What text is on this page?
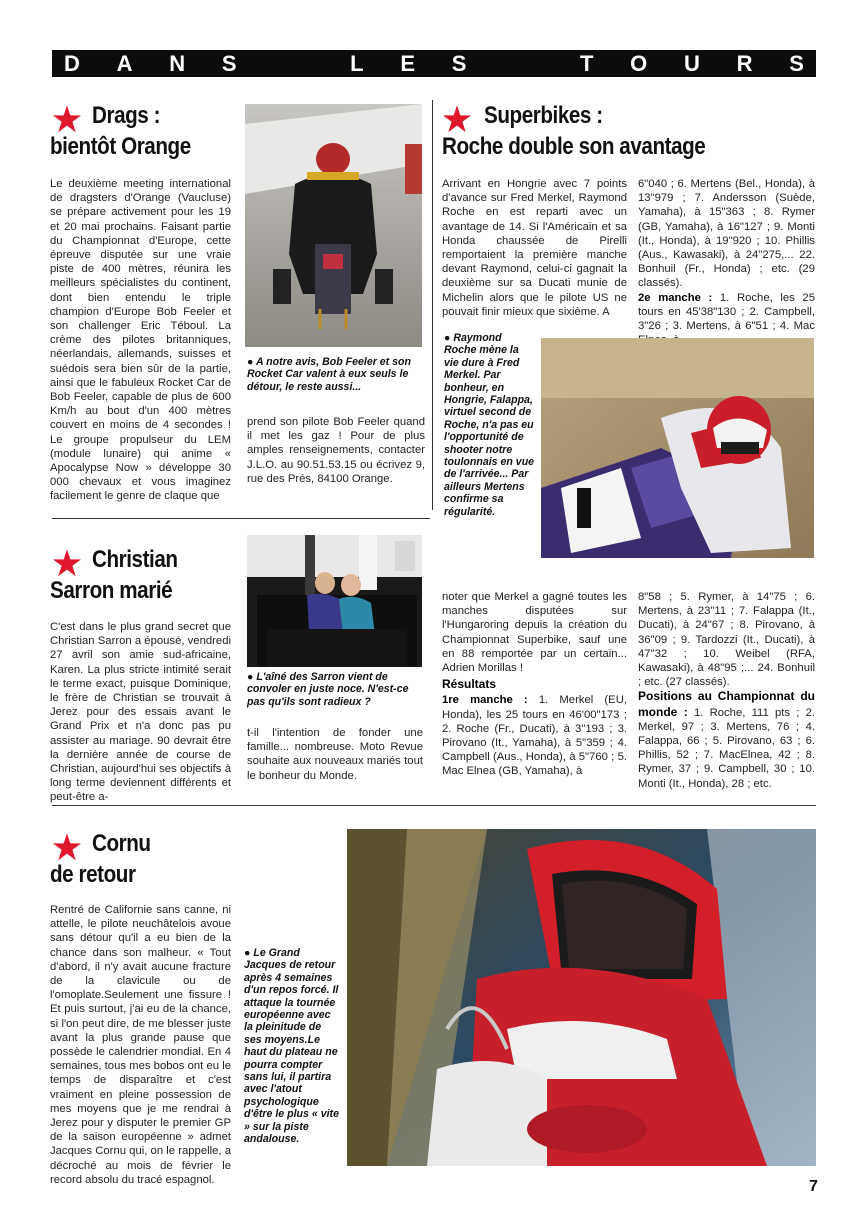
D A N S	L E S	T O U R S
Drags :
bientôt Orange

Le deuxième meeting international de dragsters d'Orange (Vaucluse) se prépare activement pour les 19 et 20 mai prochains. Faisant partie du Championnat d'Europe, cette épreuve disputée sur une vraie piste de 400 mètres, réunira les meilleurs spécialistes du continent, dont bien entendu le triple champion d'Europe Bob Feeler et son challenger Eric Téboul. La crème des pilotes britanniques, néerlandais, allemands, suisses et suédois sera bien sûr de la partie, ainsi que le fabuleux Rocket Car de Bob Feeler, capable de plus de 600 Km/h au bout d'un 400 mètres couvert en moins de 4 secondes ! Le groupe propulseur du LEM (module lunaire) qui anime « Apocalypse Now » développe 30 000 chevaux et vous imaginez facilement le genre de claque que

● A notre avis, Bob Feeler et son Rocket Car valent à eux seuls le détour, le reste aussi...

prend son pilote Bob Feeler quand il met les gaz ! Pour de plus amples renseignements, contacter J.L.O. au 90.51.53.15 ou écrivez 9, rue des Prés, 84100 Orange.

Superbikes :
Roche double son avantage

Arrivant en Hongrie avec 7 points d'avance sur Fred Merkel, Raymond Roche en est reparti avec un avantage de 14. Si l'Américain et sa Honda chaussée de Pirelli remportaient la première manche devant Raymond, celui-ci gagnait la deuxième sur sa Ducati munie de Michelin alors que le pilote US ne pouvait finir mieux que sixième. A

6"040 ; 6. Mertens (Bel., Honda), à 13"979 ; 7. Andersson (Suède, Yamaha), à 15"363 ; 8. Rymer (GB, Yamaha), à 16"127 ; 9. Monti (It., Honda), à 19"920 ; 10. Phillis (Aus., Kawasaki), à 24"275,... 22. Bonhuil (Fr., Honda) ; etc. (29 classés).

2e manche : 1. Roche, les 25 tours en 45'38"130 ; 2. Campbell, 3"26 ; 3. Mertens, à 6"51 ; 4. Mac

● Raymond Roche mène la vie dure à Fred Merkel. Par bonheur, en Hongrie, Falappa, virtuel second de Roche, n'a pas eu l'opportunité de shooter notre toulonnais en vue de l'arrivée... Par ailleurs Mertens confirme sa régularité.
Christian
Sarron marié

C'est dans le plus grand secret que Christian Sarron a épousé, vendredi 27 avril son amie sud-africaine, Karen. La plus stricte intimité serait le terme exact, puisque Dominique, le frère de Christian se trouvait à Jerez pour des essais avant le Grand Prix et n'a donc pas pu assister au mariage. 90 devrait être la dernière année de course de Christian, aujourd'hui ses objectifs à long terme deviennent différents et peut-être a-

● L'aîné des Sarron vient de convoler en juste noce. N'est-ce pas qu'ils sont radieux ?

t-il l'intention de fonder une famille... nombreuse. Moto Revue souhaite aux nouveaux mariés tout le bonheur du Monde.

noter que Merkel a gagné toutes les manches disputées sur l'Hungaroring depuis la création du Championnat Superbike, sauf une en 88 remportée par un certain... Adrien Morillas !

Résultats

1re manche : 1. Merkel (EU, Honda), les 25 tours en 46'00"173 ; 2. Roche (Fr., Ducati), à 3"193 ; 3. Pirovano (It., Yamaha), à 5"359 ; 4. Campbell (Aus., Honda), à 5"760 ; 5. Mac Elnea (GB, Yamaha), à

8"58 ; 5. Rymer, à 14"75 ; 6. Mertens, à 23"11 ; 7. Falappa (It., Ducati), à 24"67 ; 8. Pirovano, à 36"09 ; 9. Tardozzi (It., Ducati), à 47"32 ; 10. Weibel (RFA, Kawasaki), à 48"95 ;... 24. Bonhuil ; etc. (27 classés).

Positions au Championnat du monde : 1. Roche, 111 pts ; 2. Merkel, 97 ; 3. Mertens, 76 ; 4. Falappa, 66 ; 5. Pirovano, 63 ; 6. Phillis, 52 ; 7. MacElnea, 42 ; 8. Rymer, 37 ; 9. Campbell, 30 ; 10. Monti (It., Honda), 28 ; etc.

Cornu
de retour

Rentré de Californie sans canne, ni attelle, le pilote neuchâtelois avoue sans détour qu'il a eu bien de la chance dans son malheur. « Tout d'abord, il n'y avait aucune fracture de la clavicule ou de l'omoplate.Seulement une fissure ! Et puis surtout, j'ai eu de la chance, si l'on peut dire, de me blesser juste avant la plus grande pause que possède le calendrier mondial. En 4 semaines, tous mes bobos ont eu le temps de disparaître et c'est vraiment en pleine possession de mes moyens que je me rendrai à Jerez pour y disputer le premier GP de la saison européenne » admet Jacques Cornu qui, on le rappelle, a décroché au mois de février le record absolu du tracé espagnol.

● Le Grand Jacques de retour après 4 semaines d'un repos forcé. Il attaque la tournée européenne avec la pleinitude de ses moyens.Le haut du plateau ne pourra compter sans lui, il partira avec l'atout psychologique d'être le plus « vite » sur la piste andalouse.
7
